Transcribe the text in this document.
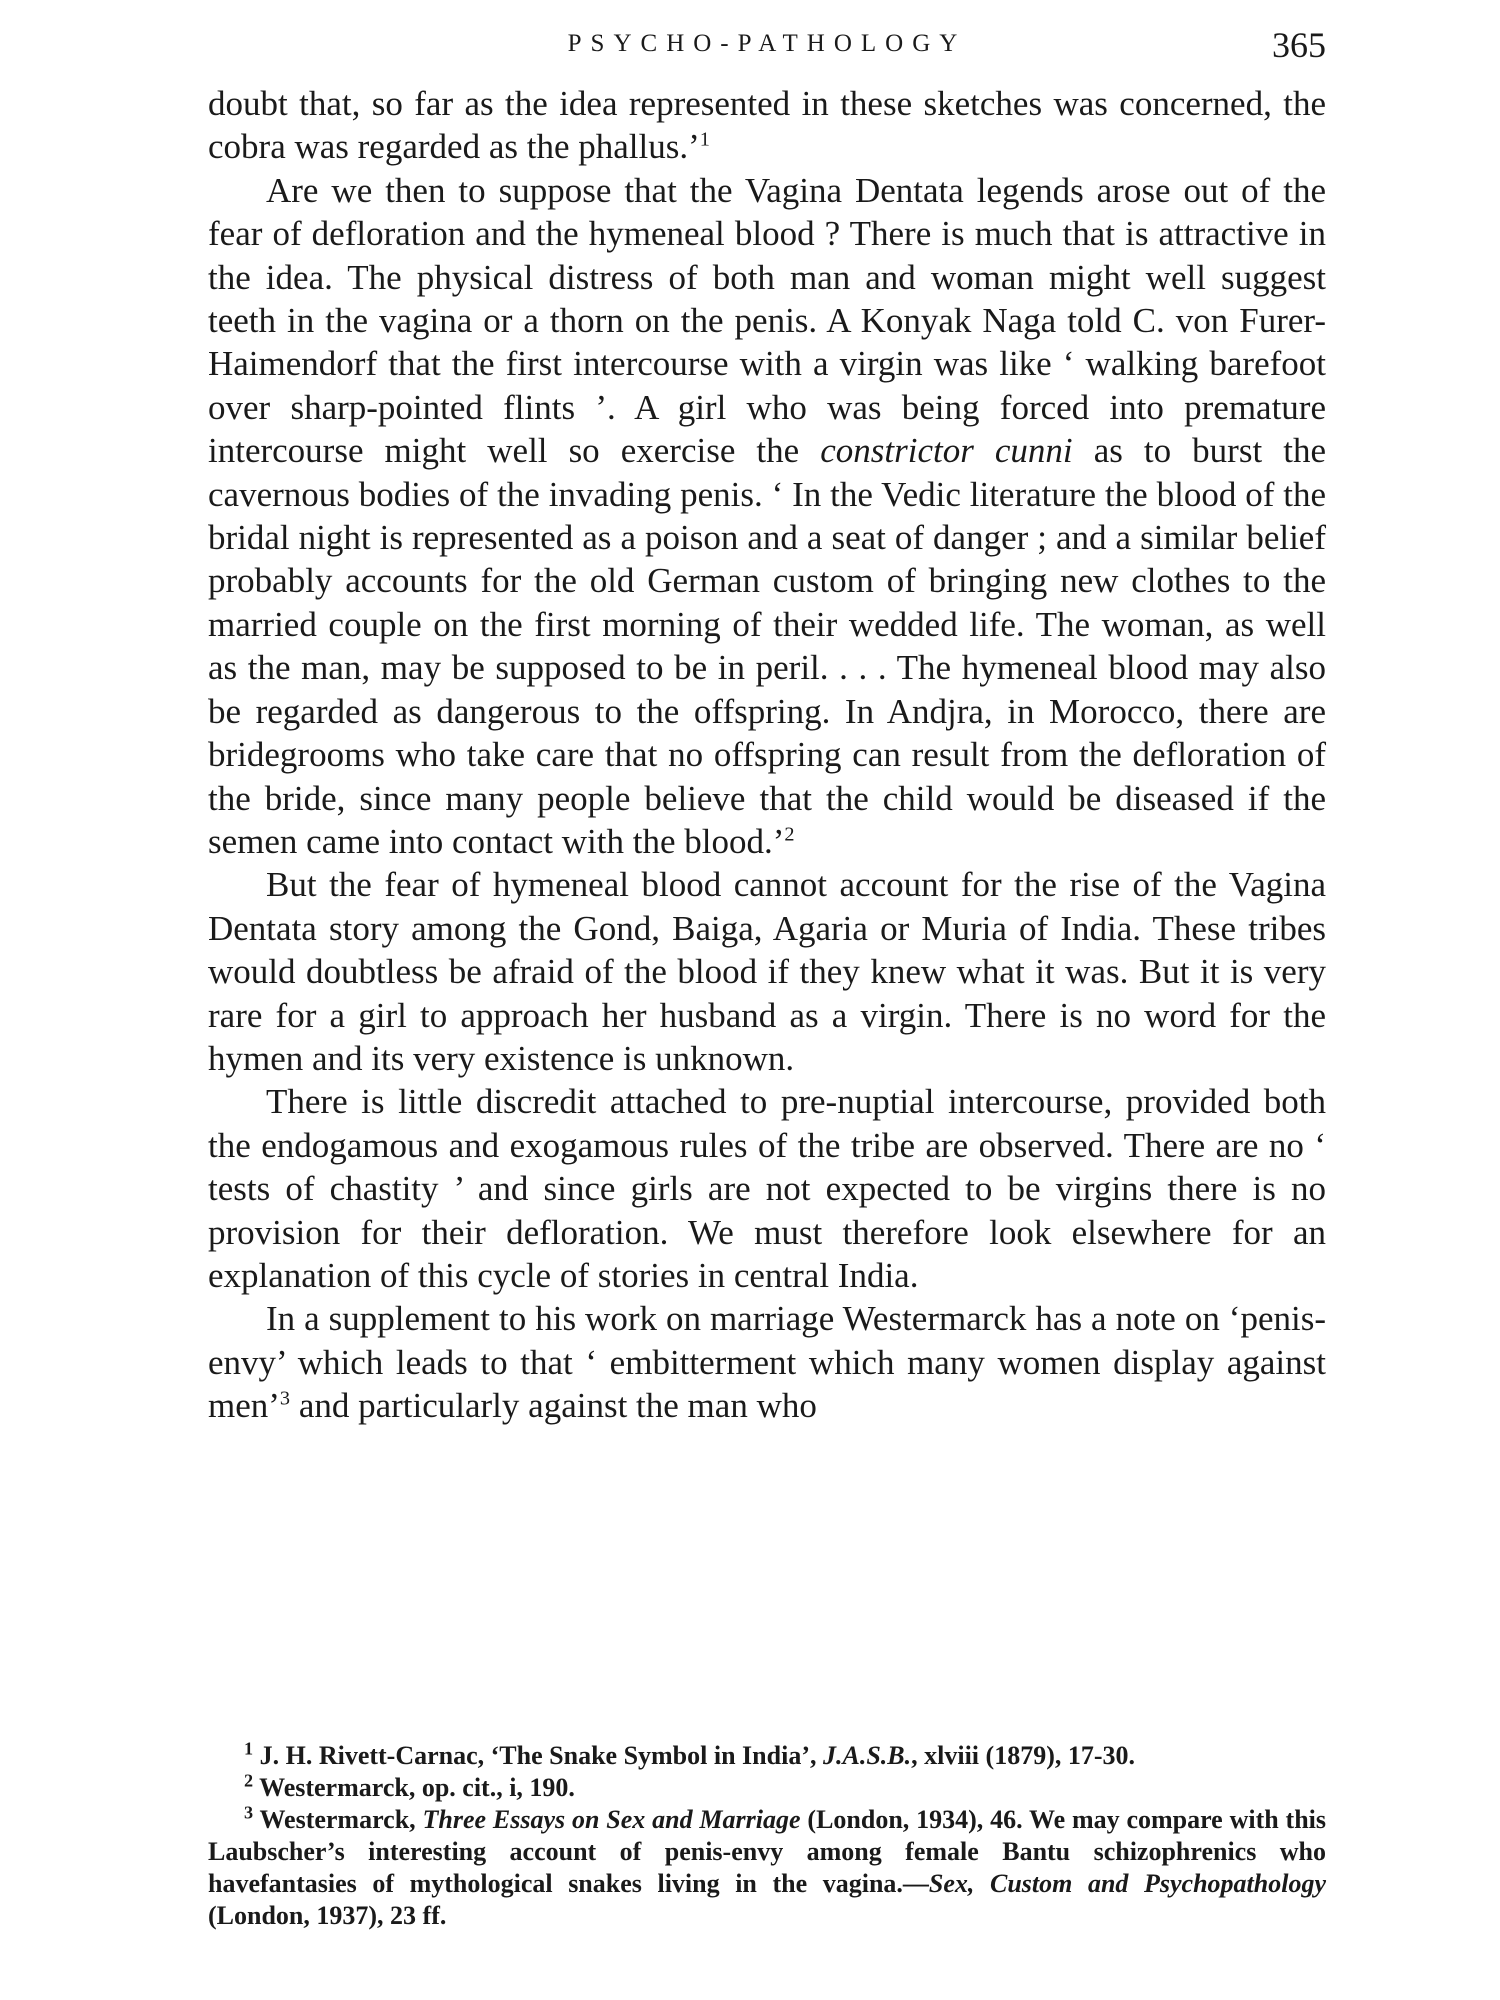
PSYCHO-PATHOLOGY	365

doubt that, so far as the idea represented in these sketches was concerned, the cobra was regarded as the phallus.’$^1$

Are we then to suppose that the Vagina Dentata legends arose out of the fear of defloration and the hymeneal blood ? There is much that is attractive in the idea. The physical distress of both man and woman might well suggest teeth in the vagina or a thorn on the penis. A Konyak Naga told C. von Furer-Haimendorf that the first intercourse with a virgin was like ‘ walking barefoot over sharp-pointed flints ’. A girl who was being forced into premature intercourse might well so exercise the constrictor cunni as to burst the cavernous bodies of the invading penis. ‘ In the Vedic literature the blood of the bridal night is represented as a poison and a seat of danger ; and a similar belief probably accounts for the old German custom of bringing new clothes to the married couple on the first morning of their wedded life. The woman, as well as the man, may be supposed to be in peril. . . . The hymeneal blood may also be regarded as dangerous to the offspring. In Andjra, in Morocco, there are bridegrooms who take care that no offspring can result from the defloration of the bride, since many people believe that the child would be diseased if the semen came into contact with the blood.’$^2$

But the fear of hymeneal blood cannot account for the rise of the Vagina Dentata story among the Gond, Baiga, Agaria or Muria of India. These tribes would doubtless be afraid of the blood if they knew what it was. But it is very rare for a girl to approach her husband as a virgin. There is no word for the hymen and its very existence is unknown.

There is little discredit attached to pre-nuptial intercourse, provided both the endogamous and exogamous rules of the tribe are observed. There are no ‘ tests of chastity ’ and since girls are not expected to be virgins there is no provision for their defloration. We must therefore look elsewhere for an explanation of this cycle of stories in central India.

In a supplement to his work on marriage Westermarck has a note on ‘penis-envy’ which leads to that ‘ embitterment which many women display against men’$^3$ and particularly against the man who

$^1$ J. H. Rivett-Carnac, ‘The Snake Symbol in India’, J.A.S.B., xlviii (1879), 17-30.

$^2$ Westermarck, op. cit., i, 190.

$^3$ Westermarck, Three Essays on Sex and Marriage (London, 1934), 46. We may compare with this Laubscher’s interesting account of penis-envy among female Bantu schizophrenics who havefantasies of mythological snakes living in the vagina.—Sex, Custom and Psychopathology (London, 1937), 23 ff.
